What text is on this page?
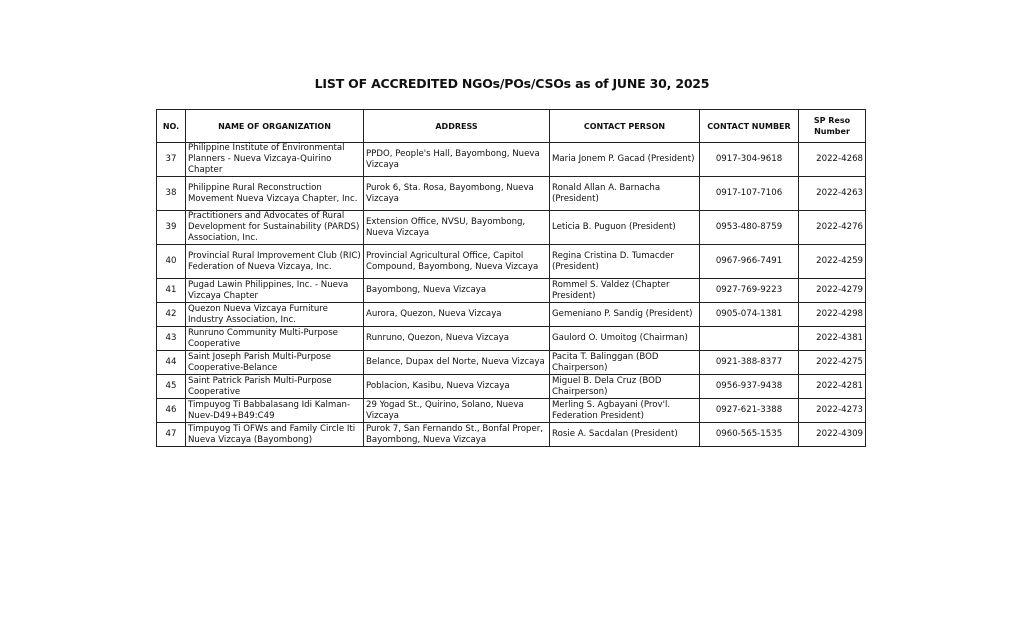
LIST OF ACCREDITED NGOs/POs/CSOs as of JUNE 30, 2025
NO.	NAME OF ORGANIZATION	ADDRESS	CONTACT PERSON	CONTACT NUMBER	SP Reso Number
37	Philippine Institute of Environmental Planners - Nueva Vizcaya-Quirino Chapter	PPDO, People's Hall, Bayombong, Nueva Vizcaya	Maria Jonem P. Gacad (President)	0917-304-9618	2022-4268
38	Philippine Rural Reconstruction Movement Nueva Vizcaya Chapter, Inc.	Purok 6, Sta. Rosa, Bayombong, Nueva Vizcaya	Ronald Allan A. Barnacha (President)	0917-107-7106	2022-4263
39	Practitioners and Advocates of Rural Development for Sustainability (PARDS) Association, Inc.	Extension Office, NVSU, Bayombong, Nueva Vizcaya	Leticia B. Puguon (President)	0953-480-8759	2022-4276
40	Provincial Rural Improvement Club (RIC) Federation of Nueva Vizcaya, Inc.	Provincial Agricultural Office, Capitol Compound, Bayombong, Nueva Vizcaya	Regina Cristina D. Tumacder (President)	0967-966-7491	2022-4259
41	Pugad Lawin Philippines, Inc. - Nueva Vizcaya Chapter	Bayombong, Nueva Vizcaya	Rommel S. Valdez (Chapter President)	0927-769-9223	2022-4279
42	Quezon Nueva Vizcaya Furniture Industry Association, Inc.	Aurora, Quezon, Nueva Vizcaya	Gemeniano P. Sandig (President)	0905-074-1381	2022-4298
43	Runruno Community Multi-Purpose Cooperative	Runruno, Quezon, Nueva Vizcaya	Gaulord O. Umoitog (Chairman)		2022-4381
44	Saint Joseph Parish Multi-Purpose Cooperative-Belance	Belance, Dupax del Norte, Nueva Vizcaya	Pacita T. Balinggan (BOD Chairperson)	0921-388-8377	2022-4275
45	Saint Patrick Parish Multi-Purpose Cooperative	Poblacion, Kasibu, Nueva Vizcaya	Miguel B. Dela Cruz (BOD Chairperson)	0956-937-9438	2022-4281
46	Timpuyog Ti Babbalasang Idi Kalman-Nuev-D49+B49:C49	29 Yogad St., Quirino, Solano, Nueva Vizcaya	Merling S. Agbayani (Prov'l. Federation President)	0927-621-3388	2022-4273
47	Timpuyog Ti OFWs and Family Circle Iti Nueva Vizcaya (Bayombong)	Purok 7, San Fernando St., Bonfal Proper, Bayombong, Nueva Vizcaya	Rosie A. Sacdalan (President)	0960-565-1535	2022-4309
